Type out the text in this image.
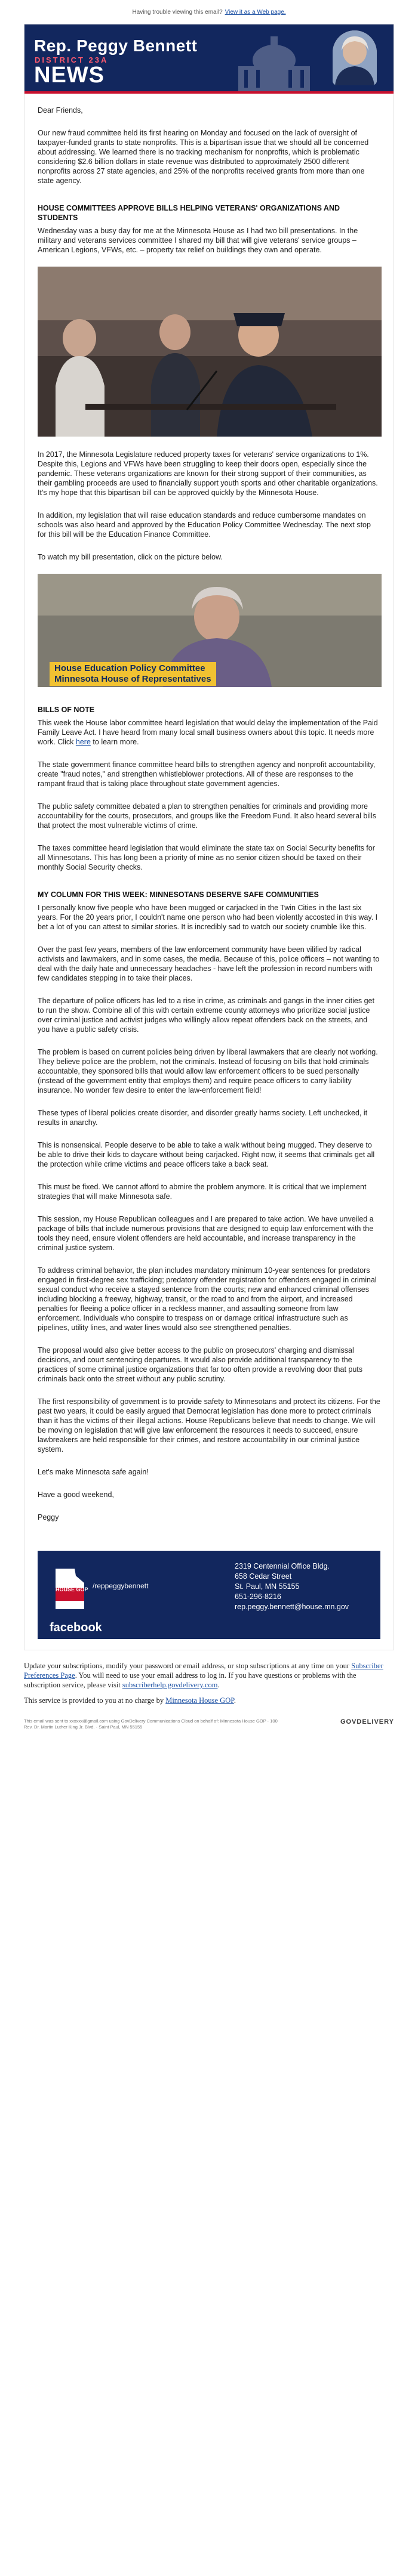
Having trouble viewing this email? View it as a Web page.
Rep. Peggy Bennett
DISTRICT 23A
NEWS

Dear Friends,

Our new fraud committee held its first hearing on Monday and focused on the lack of oversight of taxpayer-funded grants to state nonprofits. This is a bipartisan issue that we should all be concerned about addressing. We learned there is no tracking mechanism for nonprofits, which is problematic considering $2.6 billion dollars in state revenue was distributed to approximately 2500 different nonprofits across 27 state agencies, and 25% of the nonprofits received grants from more than one state agency.

HOUSE COMMITTEES APPROVE BILLS HELPING VETERANS' ORGANIZATIONS AND STUDENTS

Wednesday was a busy day for me at the Minnesota House as I had two bill presentations. In the military and veterans services committee I shared my bill that will give veterans' service groups – American Legions, VFWs, etc. – property tax relief on buildings they own and operate.

In 2017, the Minnesota Legislature reduced property taxes for veterans' service organizations to 1%. Despite this, Legions and VFWs have been struggling to keep their doors open, especially since the pandemic. These veterans organizations are known for their strong support of their communities, as their gambling proceeds are used to financially support youth sports and other charitable organizations. It's my hope that this bipartisan bill can be approved quickly by the Minnesota House.

In addition, my legislation that will raise education standards and reduce cumbersome mandates on schools was also heard and approved by the Education Policy Committee Wednesday. The next stop for this bill will be the Education Finance Committee.

To watch my bill presentation, click on the picture below.

House Education Policy Committee
Minnesota House of Representatives
BILLS OF NOTE

This week the House labor committee heard legislation that would delay the implementation of the Paid Family Leave Act. I have heard from many local small business owners about this topic. It needs more work. Click here to learn more.

The state government finance committee heard bills to strengthen agency and nonprofit accountability, create "fraud notes," and strengthen whistleblower protections. All of these are responses to the rampant fraud that is taking place throughout state government agencies.

The public safety committee debated a plan to strengthen penalties for criminals and providing more accountability for the courts, prosecutors, and groups like the Freedom Fund. It also heard several bills that protect the most vulnerable victims of crime.

The taxes committee heard legislation that would eliminate the state tax on Social Security benefits for all Minnesotans. This has long been a priority of mine as no senior citizen should be taxed on their monthly Social Security checks.

MY COLUMN FOR THIS WEEK: MINNESOTANS DESERVE SAFE COMMUNITIES

I personally know five people who have been mugged or carjacked in the Twin Cities in the last six years. For the 20 years prior, I couldn't name one person who had been violently accosted in this way. I bet a lot of you can attest to similar stories. It is incredibly sad to watch our society crumble like this.

Over the past few years, members of the law enforcement community have been vilified by radical activists and lawmakers, and in some cases, the media. Because of this, police officers – not wanting to deal with the daily hate and unnecessary headaches - have left the profession in record numbers with few candidates stepping in to take their places.

The departure of police officers has led to a rise in crime, as criminals and gangs in the inner cities get to run the show. Combine all of this with certain extreme county attorneys who prioritize social justice over criminal justice and activist judges who willingly allow repeat offenders back on the streets, and you have a public safety crisis.

The problem is based on current policies being driven by liberal lawmakers that are clearly not working. They believe police are the problem, not the criminals. Instead of focusing on bills that hold criminals accountable, they sponsored bills that would allow law enforcement officers to be sued personally (instead of the government entity that employs them) and require peace officers to carry liability insurance. No wonder few desire to enter the law-enforcement field!

These types of liberal policies create disorder, and disorder greatly harms society. Left unchecked, it results in anarchy.

This is nonsensical. People deserve to be able to take a walk without being mugged. They deserve to be able to drive their kids to daycare without being carjacked. Right now, it seems that criminals get all the protection while crime victims and peace officers take a back seat.

This must be fixed. We cannot afford to abmire the problem anymore. It is critical that we implement strategies that will make Minnesota safe.

This session, my House Republican colleagues and I are prepared to take action. We have unveiled a package of bills that include numerous provisions that are designed to equip law enforcement with the tools they need, ensure violent offenders are held accountable, and increase transparency in the criminal justice system.

To address criminal behavior, the plan includes mandatory minimum 10-year sentences for predators engaged in first-degree sex trafficking; predatory offender registration for offenders engaged in criminal sexual conduct who receive a stayed sentence from the courts; new and enhanced criminal offenses including blocking a freeway, highway, transit, or the road to and from the airport, and increased penalties for fleeing a police officer in a reckless manner, and assaulting someone from law enforcement. Individuals who conspire to trespass on or damage critical infrastructure such as pipelines, utility lines, and water lines would also see strengthened penalties.

The proposal would also give better access to the public on prosecutors' charging and dismissal decisions, and court sentencing departures. It would also provide additional transparency to the practices of some criminal justice organizations that far too often provide a revolving door that puts criminals back onto the street without any public scrutiny.

The first responsibility of government is to provide safety to Minnesotans and protect its citizens. For the past two years, it could be easily argued that Democrat legislation has done more to protect criminals than it has the victims of their illegal actions. House Republicans believe that needs to change. We will be moving on legislation that will give law enforcement the resources it needs to succeed, ensure lawbreakers are held responsible for their crimes, and restore accountability in our criminal justice system.

Let's make Minnesota safe again!

Have a good weekend,

Peggy

HOUSE GOP /reppeggybennett
facebook
2319 Centennial Office Bldg.
658 Cedar Street
St. Paul, MN 55155
651-296-8216
rep.peggy.bennett@house.mn.gov
Update your subscriptions, modify your password or email address, or stop subscriptions at any time on your Subscriber Preferences Page. You will need to use your email address to log in. If you have questions or problems with the subscription service, please visit subscriberhelp.govdelivery.com.
This service is provided to you at no charge by Minnesota House GOP.
This email was sent to xxxxxx@gmail.com using GovDelivery Communications Cloud on behalf of: Minnesota House GOP · 100
Rev. Dr. Martin Luther King Jr. Blvd. · Saint Paul, MN 55155
GOVDELIVERY
